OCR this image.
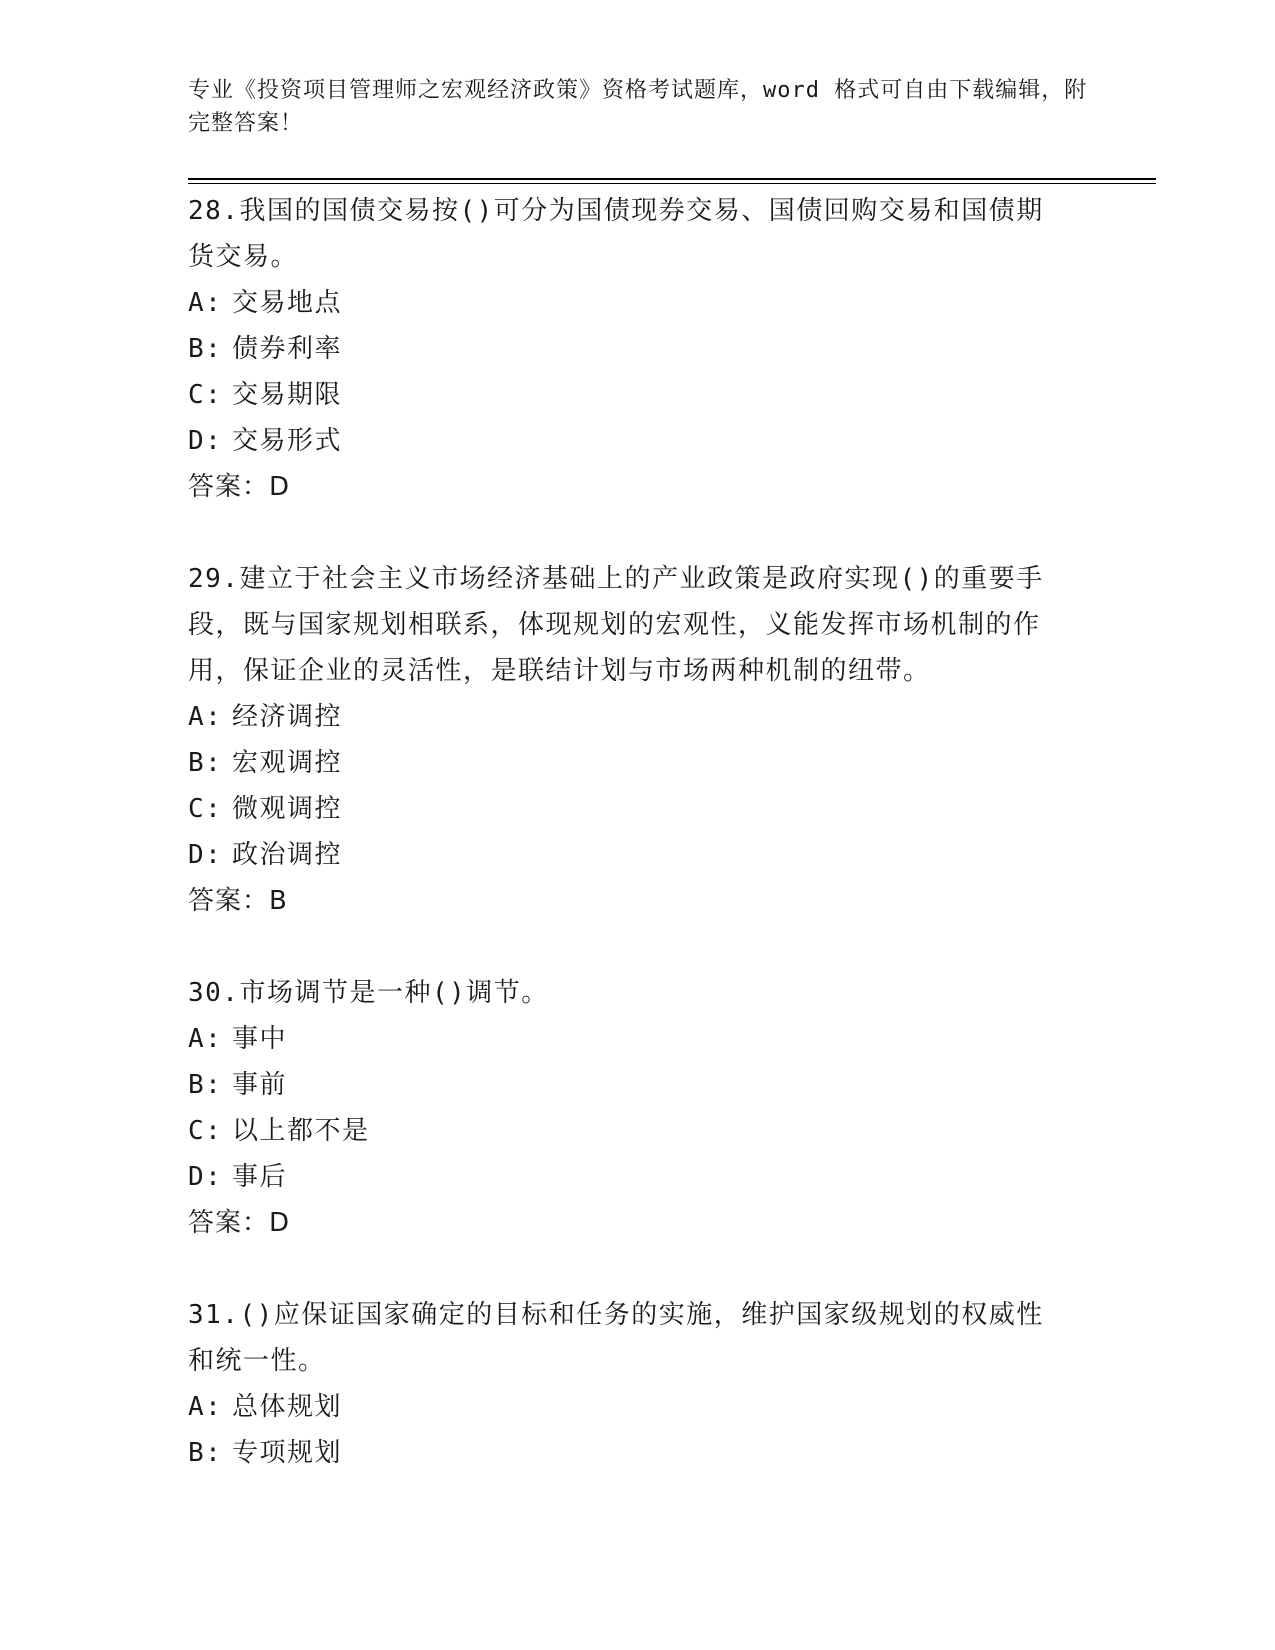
专业《投资项目管理师之宏观经济政策》资格考试题库，word 格式可自由下载编辑，附完整答案！
28.我国的国债交易按()可分为国债现券交易、国债回购交易和国债期货交易。
A: 交易地点
B: 债券利率
C: 交易期限
D: 交易形式
答案：D
29.建立于社会主义市场经济基础上的产业政策是政府实现()的重要手段，既与国家规划相联系，体现规划的宏观性，义能发挥市场机制的作用，保证企业的灵活性，是联结计划与市场两种机制的纽带。
A: 经济调控
B: 宏观调控
C: 微观调控
D: 政治调控
答案：B
30.市场调节是一种()调节。
A: 事中
B: 事前
C: 以上都不是
D: 事后
答案：D
31.()应保证国家确定的目标和任务的实施，维护国家级规划的权威性和统一性。
A: 总体规划
B: 专项规划
